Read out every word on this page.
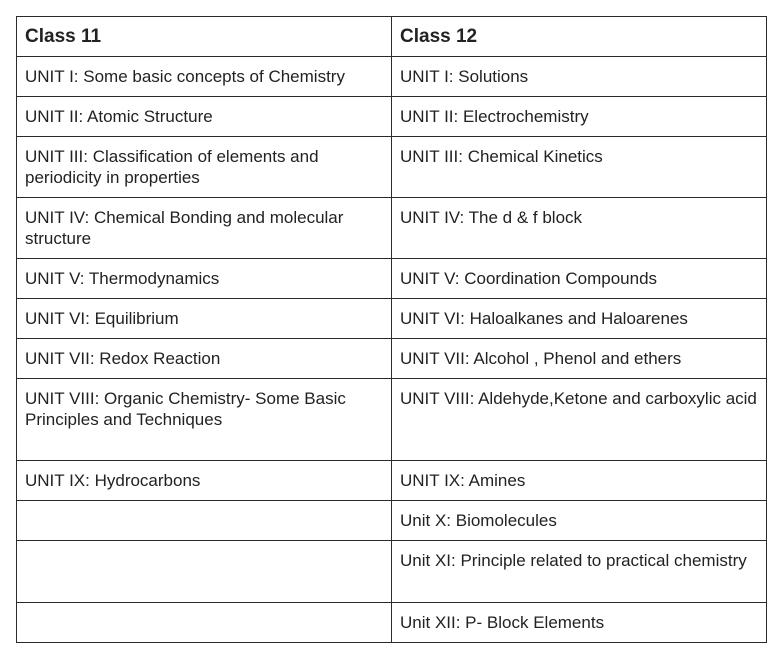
Class 11	Class 12
UNIT I: Some basic concepts of Chemistry	UNIT I: Solutions
UNIT II: Atomic Structure	UNIT II: Electrochemistry
UNIT III: Classification of elements and periodicity in properties	UNIT III: Chemical Kinetics
UNIT IV: Chemical Bonding and molecular structure	UNIT IV: The d & f block
UNIT V: Thermodynamics	UNIT V: Coordination Compounds
UNIT VI: Equilibrium	UNIT VI: Haloalkanes and Haloarenes
UNIT VII: Redox Reaction	UNIT VII: Alcohol , Phenol and ethers
UNIT VIII: Organic Chemistry- Some Basic Principles and Techniques	UNIT VIII: Aldehyde,Ketone and carboxylic acid
UNIT IX: Hydrocarbons	UNIT IX: Amines
	Unit X: Biomolecules
	Unit XI: Principle related to practical chemistry
	Unit XII: P- Block Elements
